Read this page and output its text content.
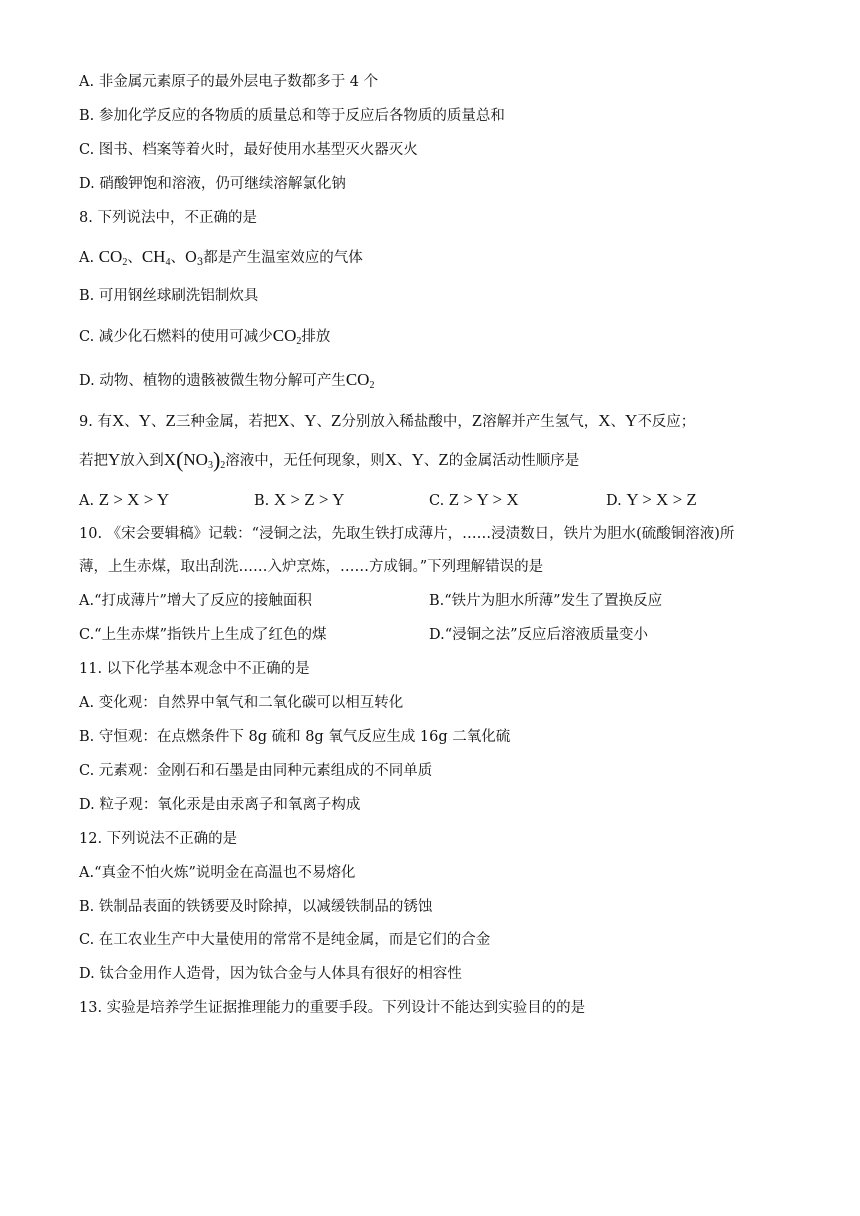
A. 非金属元素原子的最外层电子数都多于 4 个
B. 参加化学反应的各物质的质量总和等于反应后各物质的质量总和
C. 图书、档案等着火时，最好使用水基型灭火器灭火
D. 硝酸钾饱和溶液，仍可继续溶解氯化钠
8. 下列说法中，不正确的是
A. $CO_2$、$CH_4$、$O_3$都是产生温室效应的气体
B. 可用钢丝球刷洗铝制炊具
C. 减少化石燃料的使用可减少$CO_2$排放
D. 动物、植物的遗骸被微生物分解可产生$CO_2$
9. 有X、Y、Z三种金属，若把X、Y、Z分别放入稀盐酸中，Z溶解并产生氢气，X、Y不反应；
若把Y放入到$X(NO_3)_2$溶液中，无任何现象，则X、Y、Z的金属活动性顺序是
A. Z > X > Y	B. X > Z > Y	C. Z > Y > X	D. Y > X > Z
10. 《宋会要辑稿》记载：“浸铜之法，先取生铁打成薄片，……浸渍数日，铁片为胆水(硫酸铜溶液)所
薄，上生赤煤，取出刮洗……入炉烹炼，……方成铜。”下列理解错误的是
A.“打成薄片”增大了反应的接触面积	B.“铁片为胆水所薄”发生了置换反应
C.“上生赤煤”指铁片上生成了红色的煤	D.“浸铜之法”反应后溶液质量变小
11. 以下化学基本观念中不正确的是
A. 变化观：自然界中氧气和二氧化碳可以相互转化
B. 守恒观：在点燃条件下 8g 硫和 8g 氧气反应生成 16g 二氧化硫
C. 元素观：金刚石和石墨是由同种元素组成的不同单质
D. 粒子观：氧化汞是由汞离子和氧离子构成
12. 下列说法不正确的是
A.“真金不怕火炼”说明金在高温也不易熔化
B. 铁制品表面的铁锈要及时除掉，以减缓铁制品的锈蚀
C. 在工农业生产中大量使用的常常不是纯金属，而是它们的合金
D. 钛合金用作人造骨，因为钛合金与人体具有很好的相容性
13. 实验是培养学生证据推理能力的重要手段。下列设计不能达到实验目的的是
